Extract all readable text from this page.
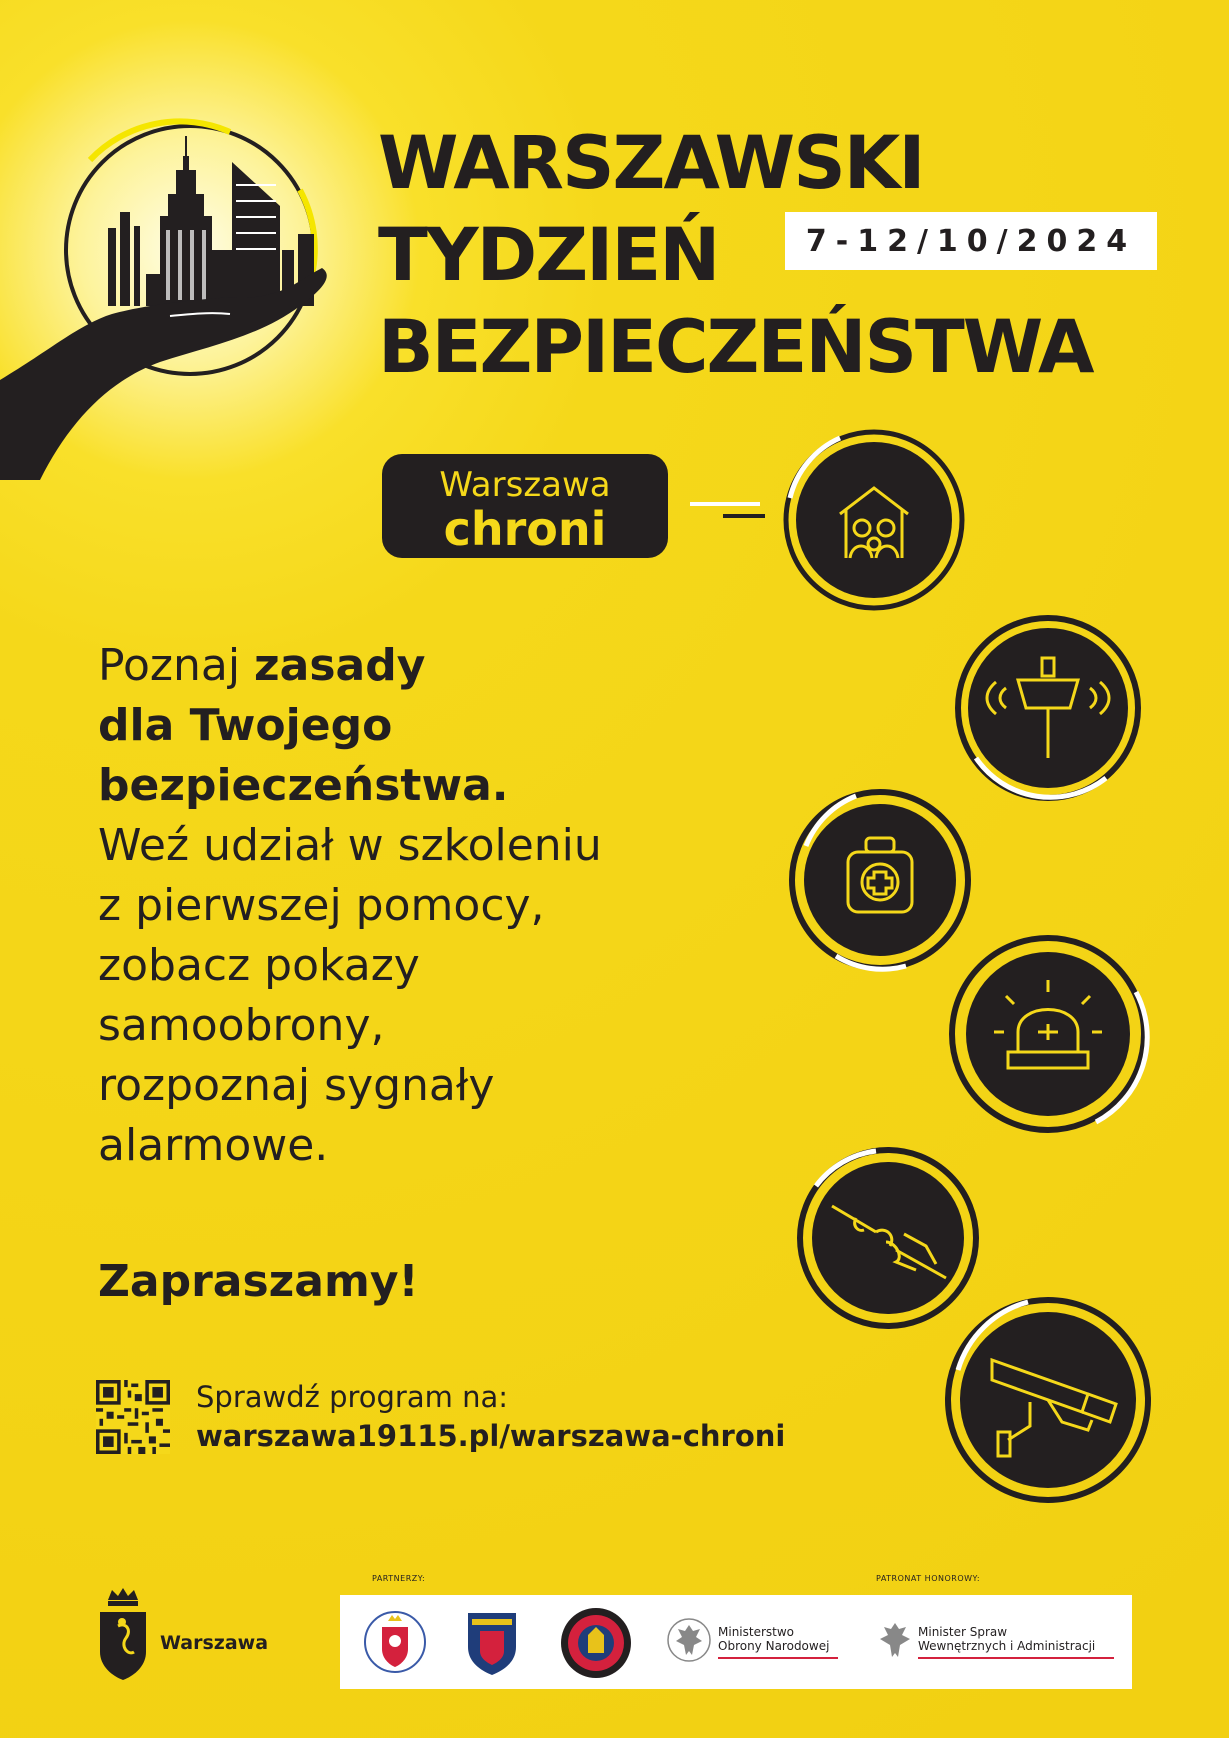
WARSZAWSKI
TYDZIEŃ
BEZPIECZEŃSTWA
7-12/10/2024
Warszawa
chroni

Poznaj zasady

dla Twojego

bezpieczeństwa.

Weź udział w szkoleniu

z pierwszej pomocy,

zobacz pokazy

samoobrony,

rozpoznaj sygnały

alarmowe.

Zapraszamy!
Sprawdź program na:
warszawa19115.pl/warszawa-chroni
Warszawa
PARTNERZY:	PATRONAT HONOROWY:
Ministerstwo
Obrony Narodowej
Minister Spraw
Wewnętrznych i Administracji
